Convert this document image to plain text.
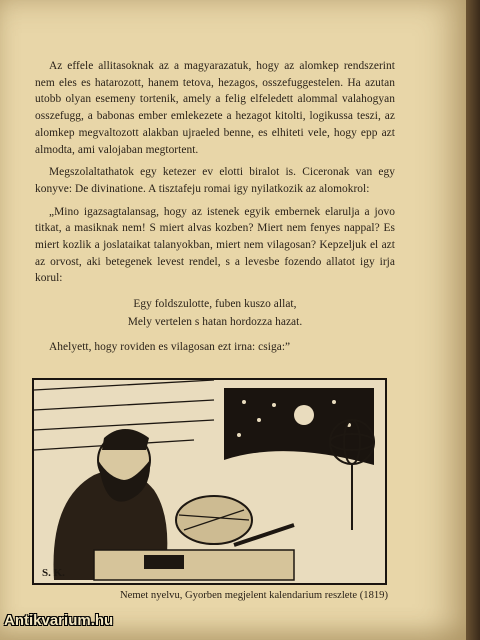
Az effele allitasoknak az a magyarazatuk, hogy az alomkep rendszerint nem eles es hatarozott, hanem tetova, hezagos, osszefuggestelen. Ha azutan utobb olyan esemeny tortenik, amely a felig elfeledett alommal valahogyan osszefugg, a babonas ember emlekezete a hezagot kitolti, logikussa teszi, az alomkep megvaltozott alakban ujraeled benne, es elhiteti vele, hogy epp azt almodta, ami valojaban megtortent.

Megszolaltathatok egy ketezer ev elotti biralot is. Ciceronak van egy konyve: De divinatione. A tisztafeju romai igy nyilatkozik az alomokrol:

„Mino igazsagtalansag, hogy az istenek egyik embernek elarulja a jovo titkat, a masiknak nem! S miert alvas kozben? Miert nem fenyes nappal? Es miert kozlik a joslataikat talanyokban, miert nem vilagosan? Kepzeljuk el azt az orvost, aki betegenek levest rendel, s a levesbe fozendo allatot igy irja korul:

Egy foldszulotte, fuben kuszo allat,
Mely vertelen s hatan hordozza hazat.

Ahelyett, hogy roviden es vilagosan ezt irna: csiga:”

S. K.
Nemet nyelvu, Gyorben megjelent kalendarium reszlete (1819)
Antikvarium.hu
